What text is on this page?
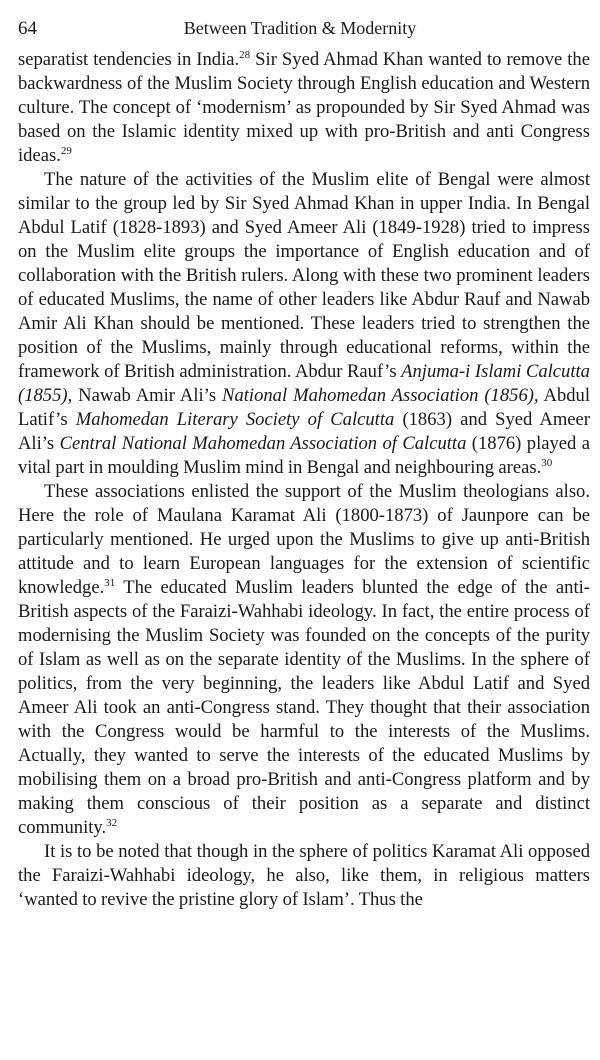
64	Between Tradition & Modernity

separatist tendencies in India.$^{28}$ Sir Syed Ahmad Khan wanted to remove the backwardness of the Muslim Society through English education and Western culture. The concept of ‘modernism’ as propounded by Sir Syed Ahmad was based on the Islamic identity mixed up with pro-British and anti Congress ideas.$^{29}$

The nature of the activities of the Muslim elite of Bengal were almost similar to the group led by Sir Syed Ahmad Khan in upper India. In Bengal Abdul Latif (1828-1893) and Syed Ameer Ali (1849-1928) tried to impress on the Muslim elite groups the importance of English education and of collaboration with the British rulers. Along with these two prominent leaders of educated Muslims, the name of other leaders like Abdur Rauf and Nawab Amir Ali Khan should be mentioned. These leaders tried to strengthen the position of the Muslims, mainly through educational reforms, within the framework of British administration. Abdur Rauf’s Anjuma-i Islami Calcutta (1855), Nawab Amir Ali’s National Mahomedan Association (1856), Abdul Latif’s Mahomedan Literary Society of Calcutta (1863) and Syed Ameer Ali’s Central National Mahomedan Association of Calcutta (1876) played a vital part in moulding Muslim mind in Bengal and neighbouring areas.$^{30}$

These associations enlisted the support of the Muslim theologians also. Here the role of Maulana Karamat Ali (1800-1873) of Jaunpore can be particularly mentioned. He urged upon the Muslims to give up anti-British attitude and to learn European languages for the extension of scientific knowledge.$^{31}$ The educated Muslim leaders blunted the edge of the anti-British aspects of the Faraizi-Wahhabi ideology. In fact, the entire process of modernising the Muslim Society was founded on the concepts of the purity of Islam as well as on the separate identity of the Muslims. In the sphere of politics, from the very beginning, the leaders like Abdul Latif and Syed Ameer Ali took an anti-Congress stand. They thought that their association with the Congress would be harmful to the interests of the Muslims. Actually, they wanted to serve the interests of the educated Muslims by mobilising them on a broad pro-British and anti-Congress platform and by making them conscious of their position as a separate and distinct community.$^{32}$

It is to be noted that though in the sphere of politics Karamat Ali opposed the Faraizi-Wahhabi ideology, he also, like them, in religious matters ‘wanted to revive the pristine glory of Islam’. Thus the
